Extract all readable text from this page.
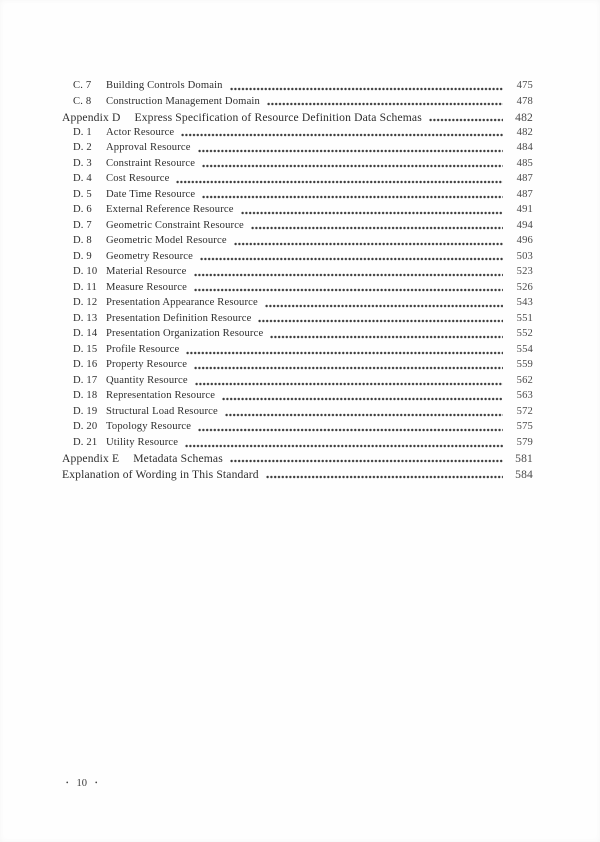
C. 7	Building Controls Domain	475
C. 8	Construction Management Domain	478
Appendix D Express Specification of Resource Definition Data Schemas	482
D. 1	Actor Resource	482
D. 2	Approval Resource	484
D. 3	Constraint Resource	485
D. 4	Cost Resource	487
D. 5	Date Time Resource	487
D. 6	External Reference Resource	491
D. 7	Geometric Constraint Resource	494
D. 8	Geometric Model Resource	496
D. 9	Geometry Resource	503
D. 10 Material Resource	523
D. 11 Measure Resource	526
D. 12 Presentation Appearance Resource	543
D. 13 Presentation Definition Resource	551
D. 14 Presentation Organization Resource	552
D. 15 Profile Resource	554
D. 16 Property Resource	559
D. 17 Quantity Resource	562
D. 18 Representation Resource	563
D. 19 Structural Load Resource	572
D. 20 Topology Resource	575
D. 21 Utility Resource	579
Appendix E Metadata Schemas	581
Explanation of Wording in This Standard	584
• 10 •
